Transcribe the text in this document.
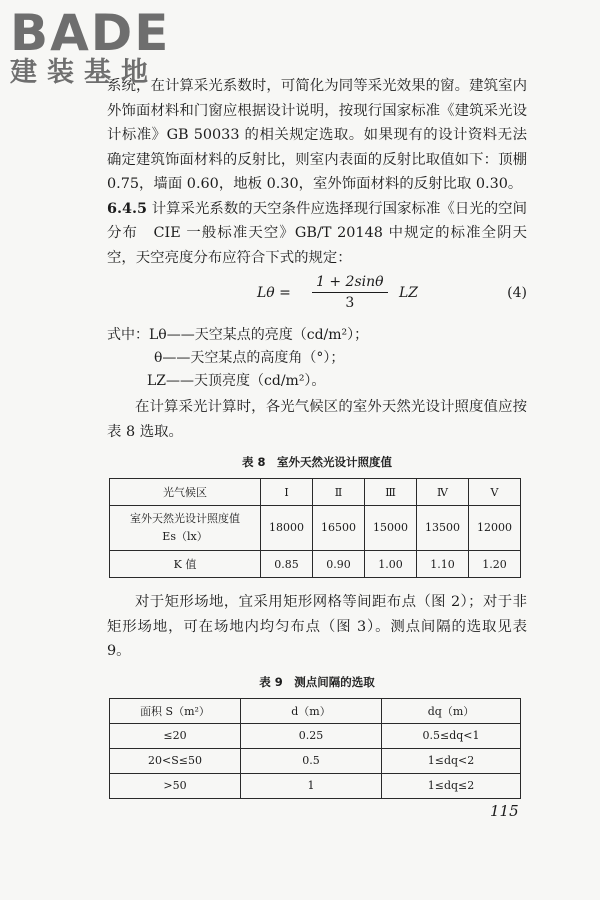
BADE
建装基地

系统，在计算采光系数时，可简化为同等采光效果的窗。建筑室内外饰面材料和门窗应根据设计说明，按现行国家标准《建筑采光设计标准》GB 50033 的相关规定选取。如果现有的设计资料无法确定建筑饰面材料的反射比，则室内表面的反射比取值如下：顶棚 0.75，墙面 0.60，地板 0.30，室外饰面材料的反射比取 0.30。

6.4.5 计算采光系数的天空条件应选择现行国家标准《日光的空间分布　CIE 一般标准天空》GB/T 20148 中规定的标准全阴天空，天空亮度分布应符合下式的规定：

$L\theta = \frac{1 + 2\sin\theta}{3}$ LZ	(4)
式中：Lθ——天空某点的亮度（cd/m²）；
θ——天空某点的高度角（°）；
LZ——天顶亮度（cd/m²）。

在计算采光计算时，各光气候区的室外天然光设计照度值应按表 8 选取。

表 8　室外天然光设计照度值
光气候区	Ⅰ	Ⅱ	Ⅲ	Ⅳ	Ⅴ

室外天然光设计照度值
Es（lx）	18000	16500	15000	13500	12000
K 值	0.85	0.90	1.00	1.10	1.20

对于矩形场地，宜采用矩形网格等间距布点（图 2）；对于非矩形场地，可在场地内均匀布点（图 3）。测点间隔的选取见表 9。

表 9　测点间隔的选取
面积 S（m²）	d（m）	dq（m）
≤20	0.25	0.5≤dq<1
20<S≤50	0.5	1≤dq<2
>50	1	1≤dq≤2
115
